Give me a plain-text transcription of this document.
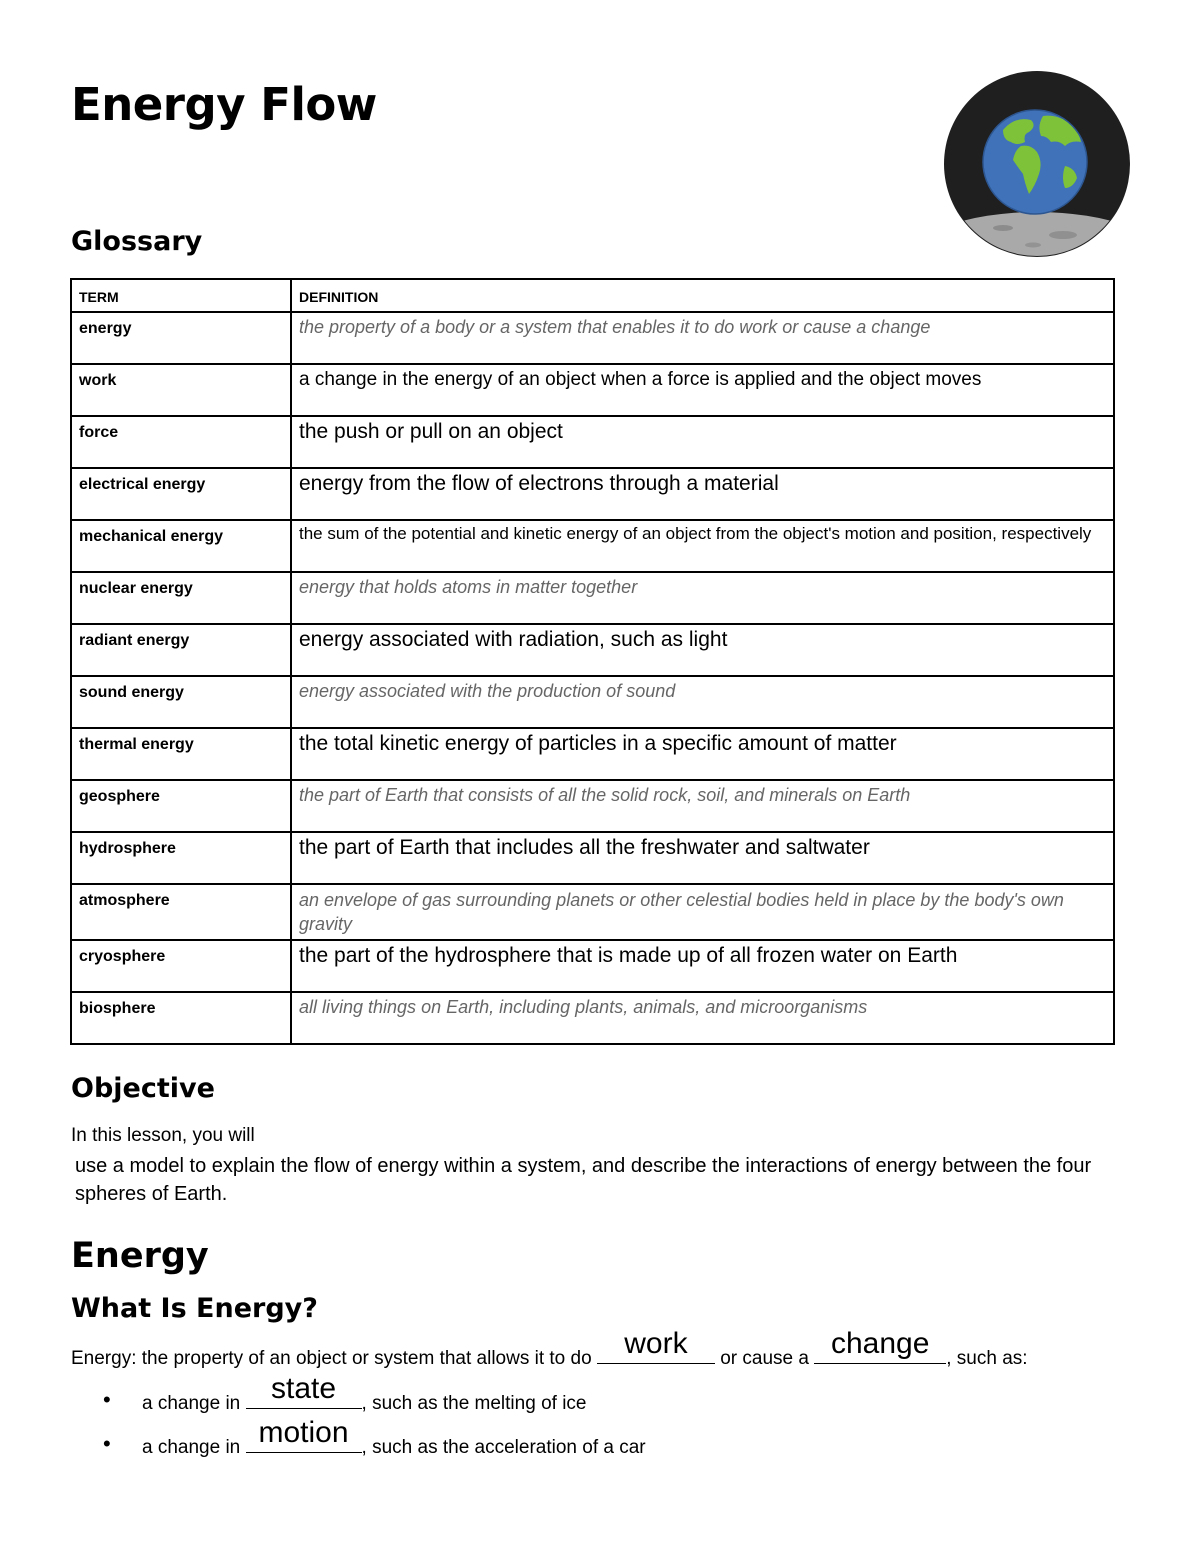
Energy Flow
Glossary
TERM	DEFINITION
energy	the property of a body or a system that enables it to do work or cause a change
work	a change in the energy of an object when a force is applied and the object moves
force	the push or pull on an object
electrical energy	energy from the flow of electrons through a material
mechanical energy	the sum of the potential and kinetic energy of an object from the object's motion and position, respectively
nuclear energy	energy that holds atoms in matter together
radiant energy	energy associated with radiation, such as light
sound energy	energy associated with the production of sound
thermal energy	the total kinetic energy of particles in a specific amount of matter
geosphere	the part of Earth that consists of all the solid rock, soil, and minerals on Earth
hydrosphere	the part of Earth that includes all the freshwater and saltwater
atmosphere	an envelope of gas surrounding planets or other celestial bodies held in place by the body's own gravity
cryosphere	the part of the hydrosphere that is made up of all frozen water on Earth
biosphere	all living things on Earth, including plants, animals, and microorganisms
Objective

In this lesson, you will

use a model to explain the flow of energy within a system, and describe the interactions of energy between the four spheres of Earth.

Energy
What Is Energy?

Energy: the property of an object or system that allows it to do work	or cause a change , such as:

• a change in state	, such as the melting of ice
• a change in motion , such as the acceleration of a car
